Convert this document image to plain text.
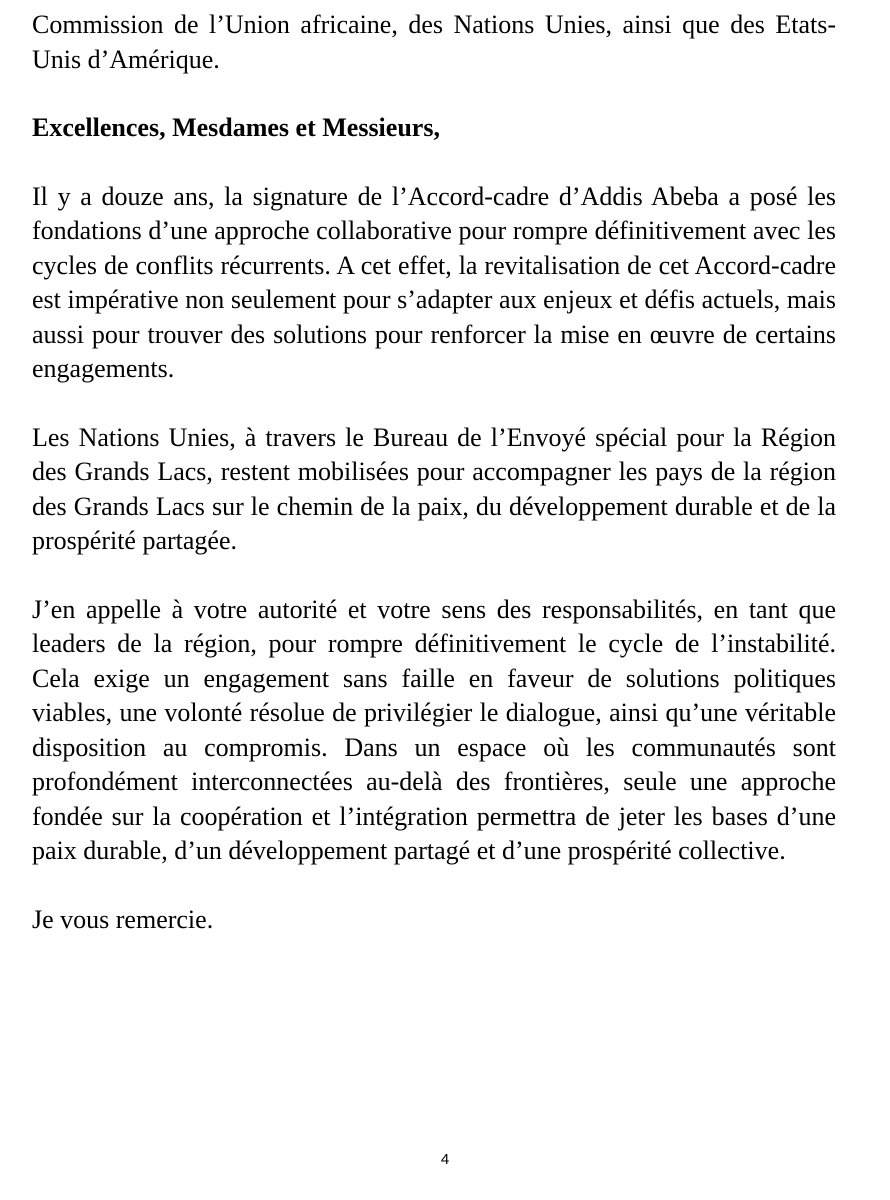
Commission de l’Union africaine, des Nations Unies, ainsi que des Etats-Unis d’Amérique.

Excellences, Mesdames et Messieurs,

Il y a douze ans, la signature de l’Accord-cadre d’Addis Abeba a posé les fondations d’une approche collaborative pour rompre définitivement avec les cycles de conflits récurrents. A cet effet, la revitalisation de cet Accord-cadre est impérative non seulement pour s’adapter aux enjeux et défis actuels, mais aussi pour trouver des solutions pour renforcer la mise en œuvre de certains engagements.

Les Nations Unies, à travers le Bureau de l’Envoyé spécial pour la Région des Grands Lacs, restent mobilisées pour accompagner les pays de la région des Grands Lacs sur le chemin de la paix, du développement durable et de la prospérité partagée.

J’en appelle à votre autorité et votre sens des responsabilités, en tant que leaders de la région, pour rompre définitivement le cycle de l’instabilité. Cela exige un engagement sans faille en faveur de solutions politiques viables, une volonté résolue de privilégier le dialogue, ainsi qu’une véritable disposition au compromis. Dans un espace où les communautés sont profondément interconnectées au-delà des frontières, seule une approche fondée sur la coopération et l’intégration permettra de jeter les bases d’une paix durable, d’un développement partagé et d’une prospérité collective.

Je vous remercie.

4
